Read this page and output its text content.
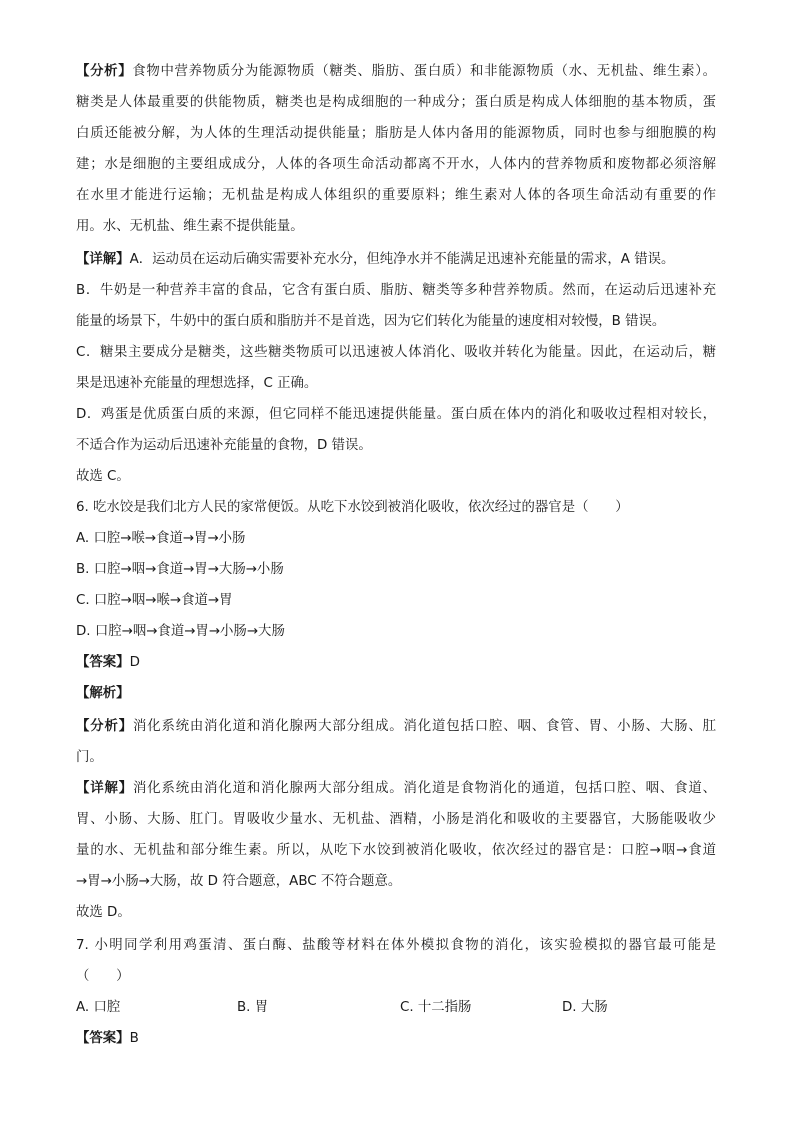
【分析】食物中营养物质分为能源物质（糖类、脂肪、蛋白质）和非能源物质（水、无机盐、维生素）。
糖类是人体最重要的供能物质，糖类也是构成细胞的一种成分；蛋白质是构成人体细胞的基本物质，蛋
白质还能被分解，为人体的生理活动提供能量；脂肪是人体内备用的能源物质，同时也参与细胞膜的构
建；水是细胞的主要组成成分，人体的各项生命活动都离不开水，人体内的营养物质和废物都必须溶解
在水里才能进行运输；无机盐是构成人体组织的重要原料；维生素对人体的各项生命活动有重要的作
用。水、无机盐、维生素不提供能量。
【详解】A．运动员在运动后确实需要补充水分，但纯净水并不能满足迅速补充能量的需求，A 错误。
B．牛奶是一种营养丰富的食品，它含有蛋白质、脂肪、糖类等多种营养物质。然而，在运动后迅速补充
能量的场景下，牛奶中的蛋白质和脂肪并不是首选，因为它们转化为能量的速度相对较慢，B 错误。
C．糖果主要成分是糖类，这些糖类物质可以迅速被人体消化、吸收并转化为能量。因此，在运动后，糖
果是迅速补充能量的理想选择，C 正确。
D．鸡蛋是优质蛋白质的来源，但它同样不能迅速提供能量。蛋白质在体内的消化和吸收过程相对较长，
不适合作为运动后迅速补充能量的食物，D 错误。
故选 C。
6. 吃水饺是我们北方人民的家常便饭。从吃下水饺到被消化吸收，依次经过的器官是（　　）
A. 口腔→喉→食道→胃→小肠
B. 口腔→咽→食道→胃→大肠→小肠
C. 口腔→咽→喉→食道→胃
D. 口腔→咽→食道→胃→小肠→大肠
【答案】D
【解析】
【分析】消化系统由消化道和消化腺两大部分组成。消化道包括口腔、咽、食管、胃、小肠、大肠、肛
门。
【详解】消化系统由消化道和消化腺两大部分组成。消化道是食物消化的通道，包括口腔、咽、食道、
胃、小肠、大肠、肛门。胃吸收少量水、无机盐、酒精，小肠是消化和吸收的主要器官，大肠能吸收少
量的水、无机盐和部分维生素。所以，从吃下水饺到被消化吸收，依次经过的器官是：口腔→咽→食道
→胃→小肠→大肠，故 D 符合题意，ABC 不符合题意。
故选 D。
7. 小明同学利用鸡蛋清、蛋白酶、盐酸等材料在体外模拟食物的消化，该实验模拟的器官最可能是
（　　）
A. 口腔	B. 胃	C. 十二指肠	D. 大肠
【答案】B
